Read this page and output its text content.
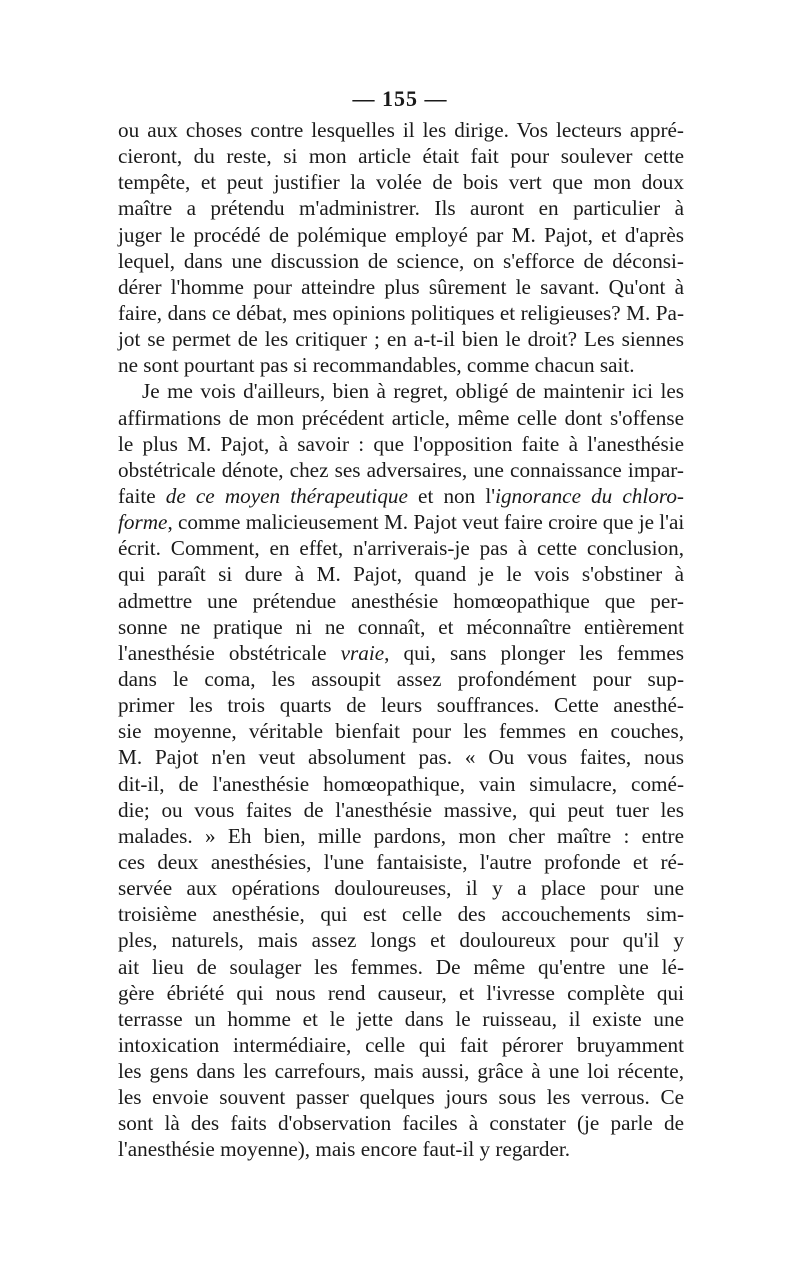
— 155 —
ou aux choses contre lesquelles il les dirige. Vos lecteurs appré-
cieront, du reste, si mon article était fait pour soulever cette
tempête, et peut justifier la volée de bois vert que mon doux
maître a prétendu m'administrer. Ils auront en particulier à
juger le procédé de polémique employé par M. Pajot, et d'après
lequel, dans une discussion de science, on s'efforce de déconsi-
dérer l'homme pour atteindre plus sûrement le savant. Qu'ont à
faire, dans ce débat, mes opinions politiques et religieuses? M. Pa-
jot se permet de les critiquer ; en a-t-il bien le droit? Les siennes
ne sont pourtant pas si recommandables, comme chacun sait.
Je me vois d'ailleurs, bien à regret, obligé de maintenir ici les
affirmations de mon précédent article, même celle dont s'offense
le plus M. Pajot, à savoir : que l'opposition faite à l'anesthésie
obstétricale dénote, chez ses adversaires, une connaissance impar-
faite de ce moyen thérapeutique et non l'ignorance du chloro-
forme, comme malicieusement M. Pajot veut faire croire que je l'ai
écrit. Comment, en effet, n'arriverais-je pas à cette conclusion,
qui paraît si dure à M. Pajot, quand je le vois s'obstiner à
admettre une prétendue anesthésie homœopathique que per-
sonne ne pratique ni ne connaît, et méconnaître entièrement
l'anesthésie obstétricale vraie, qui, sans plonger les femmes
dans le coma, les assoupit assez profondément pour sup-
primer les trois quarts de leurs souffrances. Cette anesthé-
sie moyenne, véritable bienfait pour les femmes en couches,
M. Pajot n'en veut absolument pas. « Ou vous faites, nous
dit-il, de l'anesthésie homœopathique, vain simulacre, comé-
die; ou vous faites de l'anesthésie massive, qui peut tuer les
malades. » Eh bien, mille pardons, mon cher maître : entre
ces deux anesthésies, l'une fantaisiste, l'autre profonde et ré-
servée aux opérations douloureuses, il y a place pour une
troisième anesthésie, qui est celle des accouchements sim-
ples, naturels, mais assez longs et douloureux pour qu'il y
ait lieu de soulager les femmes. De même qu'entre une lé-
gère ébriété qui nous rend causeur, et l'ivresse complète qui
terrasse un homme et le jette dans le ruisseau, il existe une
intoxication intermédiaire, celle qui fait pérorer bruyamment
les gens dans les carrefours, mais aussi, grâce à une loi récente,
les envoie souvent passer quelques jours sous les verrous. Ce
sont là des faits d'observation faciles à constater (je parle de
l'anesthésie moyenne), mais encore faut-il y regarder.
